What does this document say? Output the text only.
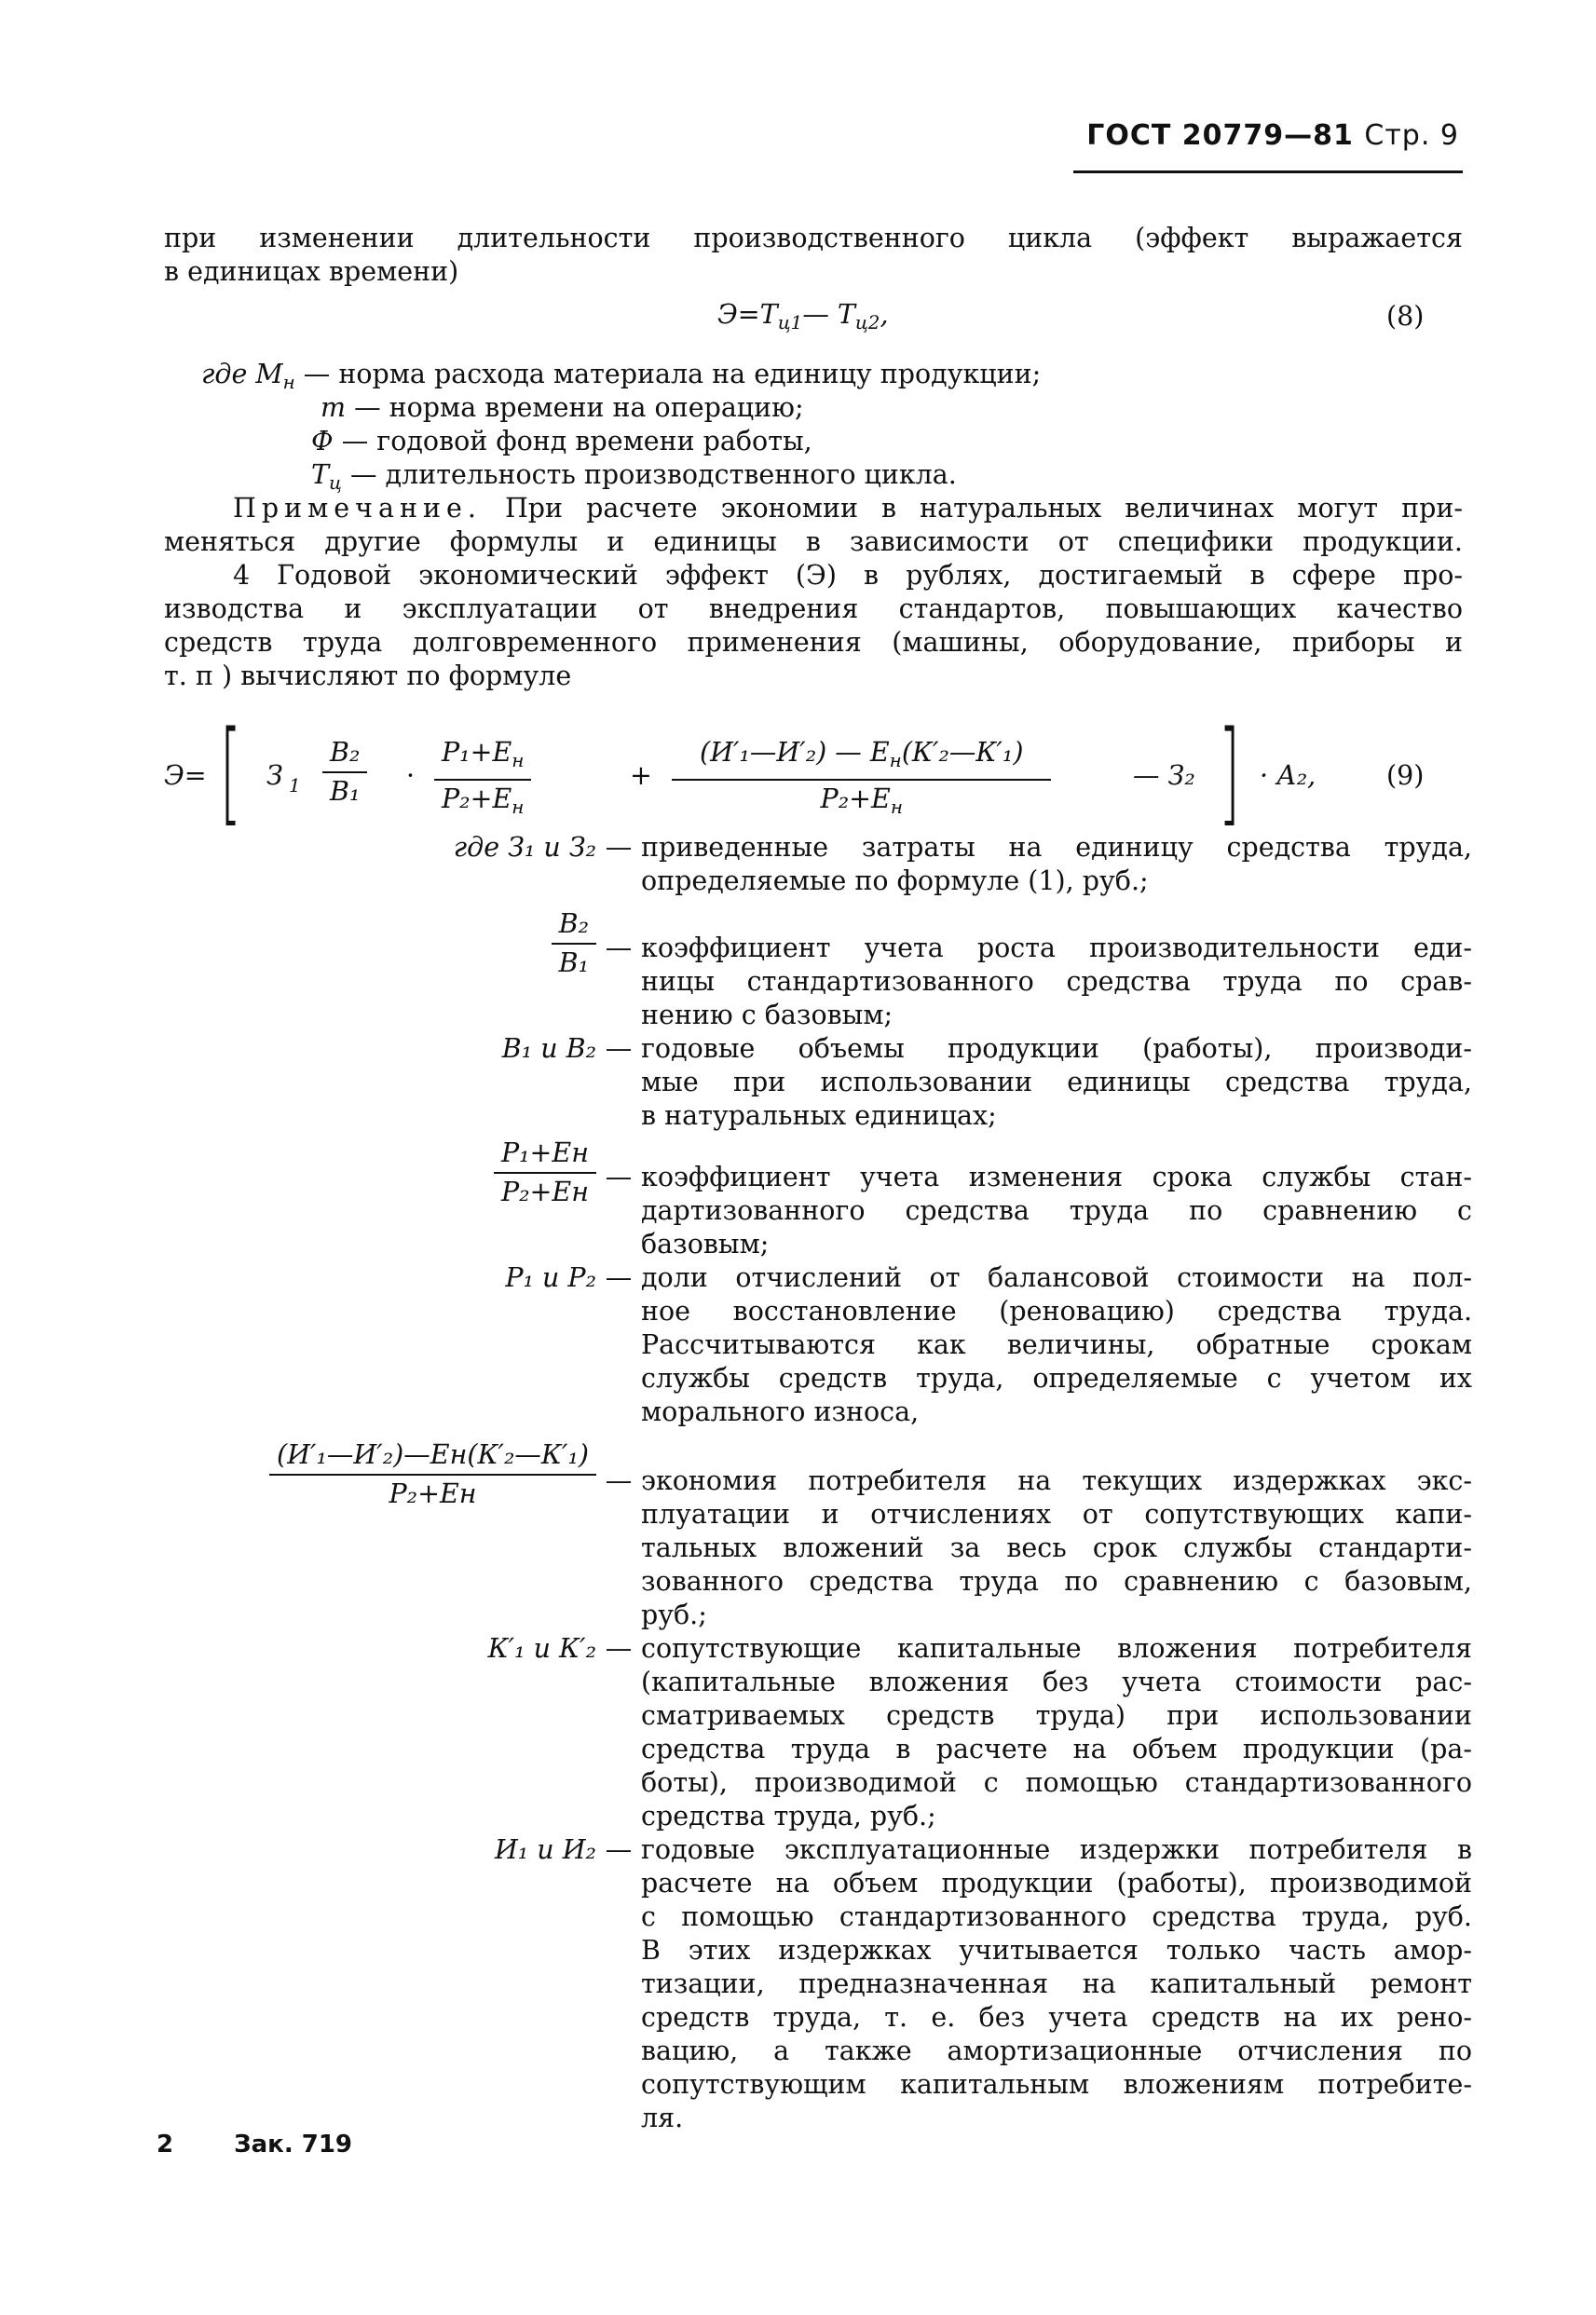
ГОСТ 20779—81 Стр. 9
при изменении длительности производственного цикла (эффект выражается
в единицах времени)
$Э=Т_{ц1}—$ $Т_{ц2}$,	(8)
где $М_н$ — норма расхода материала на единицу продукции;
т — норма времени на операцию;
Ф — годовой фонд времени работы,
$Т_ц$ — длительность производственного цикла.
Примечание. При расчете экономии в натуральных величинах могут при-
меняться другие формулы и единицы в зависимости от специфики продукции.
4 Годовой экономический эффект (Э) в рублях, достигаемый в сфере про-
изводства и эксплуатации от внедрения стандартов, повышающих качество
средств труда долговременного применения (машины, оборудование, приборы и
т. п ) вычисляют по формуле
Э= [ З 1
В₂
В₁
·
$Р_1+Е_н$
$Р_2+Е_н$
+
(И′₁—И′₂) — $Е_н(К'_2—К'_1)$
$Р_2+Е_н$
— З₂ ] · А₂,	(9)
где З₁ и З₂ — приведенные затраты на единицу средства труда,
определяемые по формуле (1), руб.;
$\frac{\text{В₂}}{\text{В₁}}$ — коэффициент учета роста производительности еди-
ницы стандартизованного средства труда по срав-
нению с базовым;
В₁ и В₂ — годовые объемы продукции (работы), производи-
мые при использовании единицы средства труда,
в натуральных единицах;
$\frac{\text{Р₁+Ен}}{\text{Р₂+Ен}}$ — коэффициент учета изменения срока службы стан-
дартизованного средства труда по сравнению с
базовым;
Р₁ и Р₂ — доли отчислений от балансовой стоимости на пол-
ное восстановление (реновацию) средства труда.
Рассчитываются как величины, обратные срокам
службы средств труда, определяемые с учетом их
морального износа,
$\frac{\text{(И′₁—И′₂)—Ен(К′₂—К′₁)}}{\text{Р₂+Ен}}$ — экономия потребителя на текущих издержках экс-
плуатации и отчислениях от сопутствующих капи-
тальных вложений за весь срок службы стандарти-
зованного средства труда по сравнению с базовым,
руб.;
К′₁ и К′₂ — сопутствующие капитальные вложения потребителя
(капитальные вложения без учета стоимости рас-
сматриваемых средств труда) при использовании
средства труда в расчете на объем продукции (ра-
боты), производимой с помощью стандартизованного
средства труда, руб.;
И₁ и И₂ — годовые эксплуатационные издержки потребителя в
расчете на объем продукции (работы), производимой
с помощью стандартизованного средства труда, руб.
В этих издержках учитывается только часть амор-
тизации, предназначенная на капитальный ремонт
средств труда, т. е. без учета средств на их рено-
вацию, а также амортизационные отчисления по
сопутствующим капитальным вложениям потребите-
ля.
2	Зак. 719
